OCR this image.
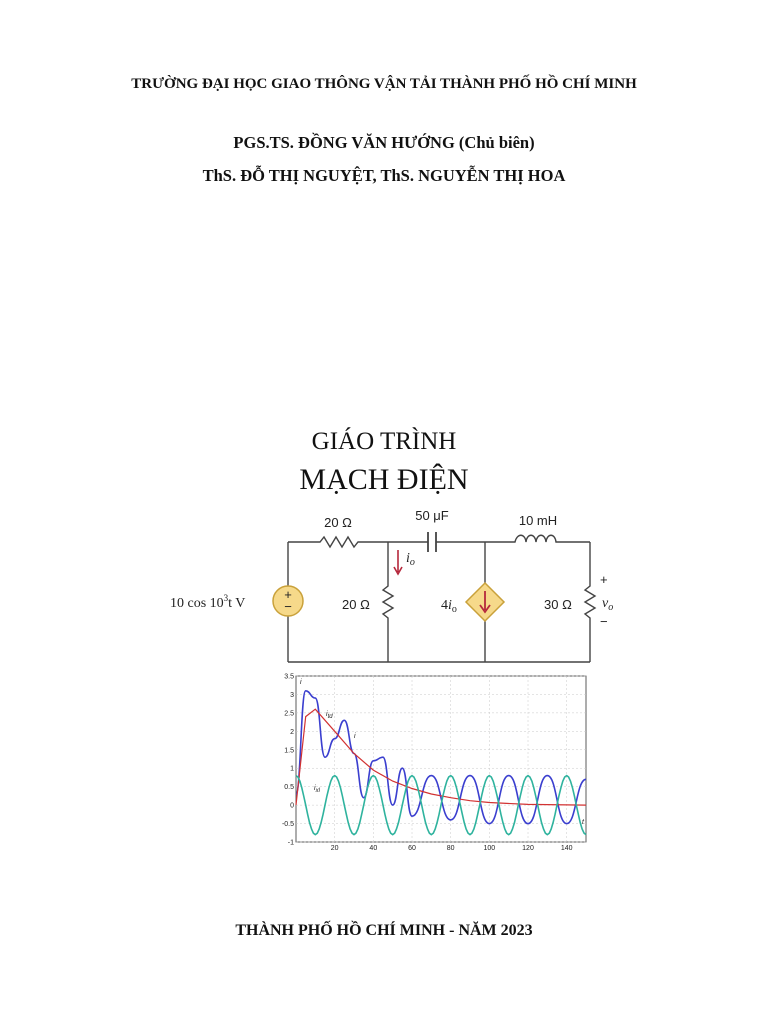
TRƯỜNG ĐẠI HỌC GIAO THÔNG VẬN TẢI THÀNH PHỐ HỒ CHÍ MINH
PGS.TS. ĐỒNG VĂN HƯỚNG (Chủ biên)
ThS. ĐỖ THỊ NGUYỆT, ThS. NGUYỄN THỊ HOA
GIÁO TRÌNH
MẠCH ĐIỆN
+
−
10 $\cos 10^3t$ V
20 Ω	50 μF	10 mH
20 Ω	$4i_o$	30 Ω
$i_o$
$v_o$
+
−
3.5
3
2.5
2
1.5
1
0.5
0
-0.5
-1
20	40	60	80	100	120	140
i
t
itd
i
ixl
THÀNH PHỐ HỒ CHÍ MINH - NĂM 2023
